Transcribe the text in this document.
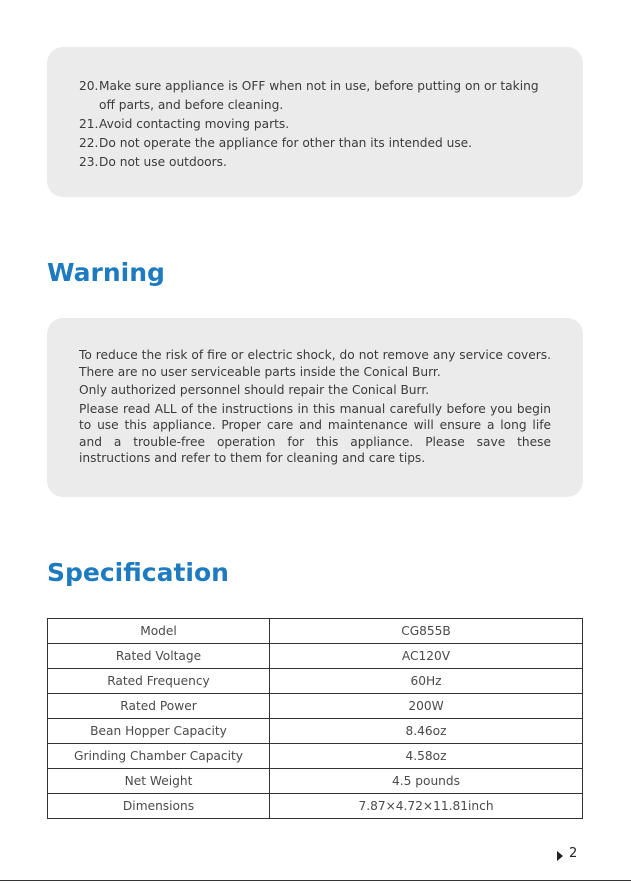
20. Make sure appliance is OFF when not in use, before putting on or taking off parts, and before cleaning.
21. Avoid contacting moving parts.
22. Do not operate the appliance for other than its intended use.
23. Do not use outdoors.
Warning

To reduce the risk of fire or electric shock, do not remove any service covers. There are no user serviceable parts inside the Conical Burr.

Only authorized personnel should repair the Conical Burr.

Please read ALL of the instructions in this manual carefully before you begin to use this appliance. Proper care and maintenance will ensure a long life and a trouble-free operation for this appliance. Please save these instructions and refer to them for cleaning and care tips.

Specification
Model	CG855B
Rated Voltage	AC120V
Rated Frequency	60Hz
Rated Power	200W
Bean Hopper Capacity	8.46oz
Grinding Chamber Capacity	4.58oz
Net Weight	4.5 pounds
Dimensions	7.87×4.72×11.81inch
2
